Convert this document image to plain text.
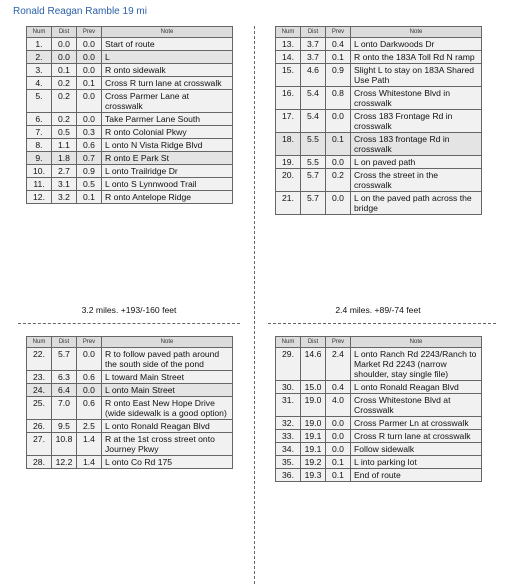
Ronald Reagan Ramble 19 mi
Num	Dist	Prev	Note
1.	0.0	0.0	Start of route
2.	0.0	0.0	L
3.	0.1	0.0	R onto sidewalk
4.	0.2	0.1	Cross R turn lane at crosswalk
5.	0.2	0.0	Cross Parmer Lane at crosswalk
6.	0.2	0.0	Take Parmer Lane South
7.	0.5	0.3	R onto Colonial Pkwy
8.	1.1	0.6	L onto N Vista Ridge Blvd
9.	1.8	0.7	R onto E Park St
10.	2.7	0.9	L onto Trailridge Dr
11.	3.1	0.5	L onto S Lynnwood Trail
12.	3.2	0.1	R onto Antelope Ridge
Num	Dist	Prev	Note
13.	3.7	0.4	L onto Darkwoods Dr
14.	3.7	0.1	R onto the 183A Toll Rd N ramp
15.	4.6	0.9	Slight L to stay on 183A Shared Use Path
16.	5.4	0.8	Cross Whitestone Blvd in crosswalk
17.	5.4	0.0	Cross 183 Frontage Rd in crosswalk
18.	5.5	0.1	Cross 183 frontage Rd in crosswalk
19.	5.5	0.0	L on paved path
20.	5.7	0.2	Cross the street in the crosswalk
21.	5.7	0.0	L on the paved path across the bridge
Num	Dist	Prev	Note
22.	5.7	0.0	R to follow paved path around the south side of the pond
23.	6.3	0.6	L toward Main Street
24.	6.4	0.0	L onto Main Street
25.	7.0	0.6	R onto East New Hope Drive (wide sidewalk is a good option)
26.	9.5	2.5	L onto Ronald Reagan Blvd
27.	10.8	1.4	R at the 1st cross street onto Journey Pkwy
28.	12.2	1.4	L onto Co Rd 175
Num	Dist	Prev	Note
29.	14.6	2.4	L onto Ranch Rd 2243/Ranch to Market Rd 2243 (narrow shoulder, stay single file)
30.	15.0	0.4	L onto Ronald Reagan Blvd
31.	19.0	4.0	Cross Whitestone Blvd at Crosswalk
32.	19.0	0.0	Cross Parmer Ln at crosswalk
33.	19.1	0.0	Cross R turn lane at crosswalk
34.	19.1	0.0	Follow sidewalk
35.	19.2	0.1	L into parking lot
36.	19.3	0.1	End of route
3.2 miles. +193/-160 feet	2.4 miles. +89/-74 feet
